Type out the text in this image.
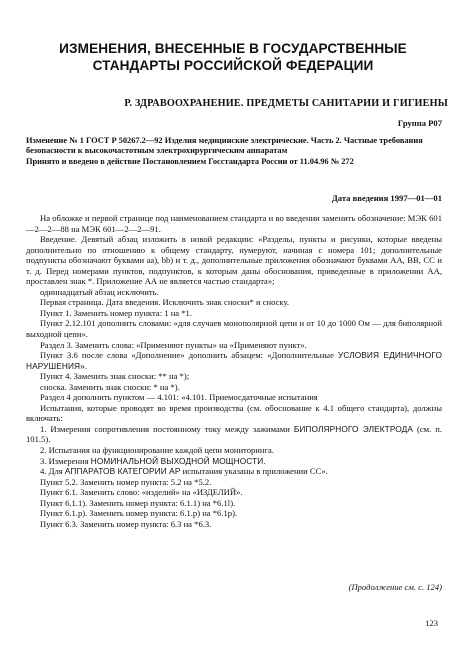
ИЗМЕНЕНИЯ, ВНЕСЕННЫЕ В ГОСУДАРСТВЕННЫЕ
СТАНДАРТЫ РОССИЙСКОЙ ФЕДЕРАЦИИ
Р. ЗДРАВООХРАНЕНИЕ. ПРЕДМЕТЫ САНИТАРИИ И ГИГИЕНЫ
Группа Р07
Изменение № 1 ГОСТ Р 50267.2—92 Изделия медицинские электрические. Часть 2. Частные требования безопасности к высокочастотным электрохирургическим аппаратам
Принято и введено в действие Постановлением Госстандарта России от 11.04.96 № 272
Дата введения 1997—01—01

На обложке и первой странице под наименованием стандарта и во введении заменить обозначение: МЭК 601—2—2—88 на МЭК 601—2—2—91.

Введение. Девятый абзац изложить в новой редакции: «Разделы, пункты и рисунки, которые введены дополнительно по отношению к общему стандарту, нумеруют, начиная с номера 101; дополнительные подпункты обозначают буквами аа), bb) и т. д., дополнительные приложения обозначают буквами АА, ВВ, СС и т. д. Перед номерами пунктов, подпунктов, к которым даны обоснования, приведенные в приложении АА, проставлен знак *. Приложение АА не является частью стандарта»;

одиннадцатый абзац исключить.

Первая страница. Дата введения. Исключить знак сноски* и сноску.

Пункт 1. Заменить номер пункта: 1 на *1.

Пункт 2.12.101 дополнить словами: «для случаев монополярной цепи и от 10 до 1000 Ом — для биполярной выходной цепи».

Раздел 3. Заменить слова: «Применяют пункты» на «Применяют пункт».

Пункт 3.6 после слова «Дополнение» дополнить абзацем: «Дополнительные УСЛОВИЯ ЕДИНИЧНОГО НАРУШЕНИЯ».

Пункт 4. Заменить знак сноски: ** на *);

сноска. Заменить знак сноски: * на *).

Раздел 4 дополнить пунктом — 4.101: «4.101. Приемосдаточные испытания

Испытания, которые проводят во время производства (см. обоснование к 4.1 общего стандарта), должны включать:

1. Измерения сопротивления постоянному току между зажимами БИПОЛЯРНОГО ЭЛЕКТРОДА (см. п. 101.5).

2. Испытания на функционирование каждой цепи мониторинга.

3. Измерения НОМИНАЛЬНОЙ ВЫХОДНОЙ МОЩНОСТИ.

4. Для АППАРАТОВ КАТЕГОРИИ АР испытания указаны в приложении СС».

Пункт 5.2. Заменить номер пункта: 5.2 на *5.2.

Пункт 6.1. Заменить слово: «изделий» на «ИЗДЕЛИЙ».

Пункт 6.1.1). Заменить номер пункта: 6.1.1) на *6.1l).

Пункт 6.1.р). Заменить номер пункта: 6.1.р) на *6.1р).

Пункт 6.3. Заменить номер пункта: 6.3 на *6.3.

(Продолжение см. с. 124)
123
